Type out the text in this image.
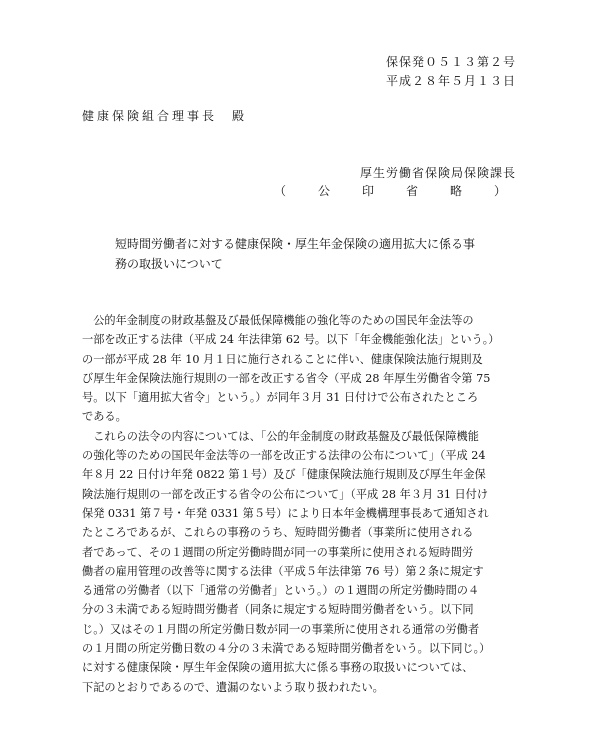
保保発０５１３第２号
平成２８年５月１３日
健康保険組合理事長　殿
厚生労働省保険局保険課長
（　公　印　省　略　）
短時間労働者に対する健康保険・厚生年金保険の適用拡大に係る事
務の取扱いについて
　公的年金制度の財政基盤及び最低保障機能の強化等のための国民年金法等の
一部を改正する法律（平成 24 年法律第 62 号。以下「年金機能強化法」という。）
の一部が平成 28 年 10 月１日に施行されることに伴い、健康保険法施行規則及
び厚生年金保険法施行規則の一部を改正する省令（平成 28 年厚生労働省令第 75
号。以下「適用拡大省令」という。）が同年３月 31 日付けで公布されたところ
である。
　これらの法令の内容については、「公的年金制度の財政基盤及び最低保障機能
の強化等のための国民年金法等の一部を改正する法律の公布について」（平成 24
年８月 22 日付け年発 0822 第１号）及び「健康保険法施行規則及び厚生年金保
険法施行規則の一部を改正する省令の公布について」（平成 28 年３月 31 日付け
保発 0331 第７号・年発 0331 第５号）により日本年金機構理事長あて通知され
たところであるが、これらの事務のうち、短時間労働者（事業所に使用される
者であって、その１週間の所定労働時間が同一の事業所に使用される短時間労
働者の雇用管理の改善等に関する法律（平成５年法律第 76 号）第２条に規定す
る通常の労働者（以下「通常の労働者」という。）の１週間の所定労働時間の４
分の３未満である短時間労働者（同条に規定する短時間労働者をいう。以下同
じ。）又はその１月間の所定労働日数が同一の事業所に使用される通常の労働者
の１月間の所定労働日数の４分の３未満である短時間労働者をいう。以下同じ。）
に対する健康保険・厚生年金保険の適用拡大に係る事務の取扱いについては、
下記のとおりであるので、遺漏のないよう取り扱われたい。
